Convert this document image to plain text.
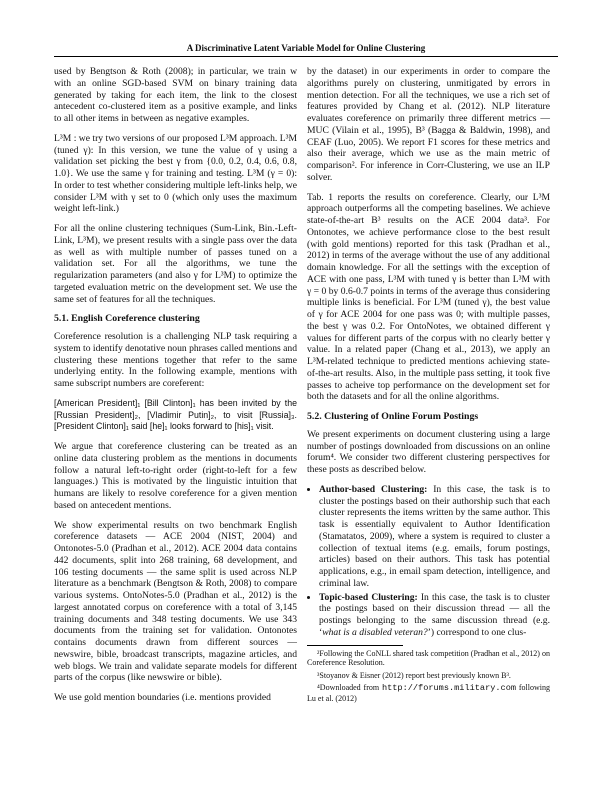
A Discriminative Latent Variable Model for Online Clustering

used by Bengtson & Roth (2008); in particular, we train w with an online SGD-based SVM on binary training data generated by taking for each item, the link to the closest antecedent co-clustered item as a positive example, and links to all other items in between as negative examples.

L³M : we try two versions of our proposed L³M approach. L³M (tuned γ): In this version, we tune the value of γ using a validation set picking the best γ from {0.0, 0.2, 0.4, 0.6, 0.8, 1.0}. We use the same γ for training and testing. L³M (γ = 0): In order to test whether considering multiple left-links help, we consider L³M with γ set to 0 (which only uses the maximum weight left-link.)

For all the online clustering techniques (Sum-Link, Bin.-Left-Link, L³M), we present results with a single pass over the data as well as with multiple number of passes tuned on a validation set. For all the algorithms, we tune the regularization parameters (and also γ for L³M) to optimize the targeted evaluation metric on the development set. We use the same set of features for all the techniques.

5.1. English Coreference clustering

Coreference resolution is a challenging NLP task requiring a system to identify denotative noun phrases called mentions and clustering these mentions together that refer to the same underlying entity. In the following example, mentions with same subscript numbers are coreferent:

[American President]₁ [Bill Clinton]₁ has been invited by the [Russian President]₂, [Vladimir Putin]₂, to visit [Russia]₃. [President Clinton]₁ said [he]₁ looks forward to [his]₁ visit.

We argue that coreference clustering can be treated as an online data clustering problem as the mentions in documents follow a natural left-to-right order (right-to-left for a few languages.) This is motivated by the linguistic intuition that humans are likely to resolve coreference for a given mention based on antecedent mentions.

We show experimental results on two benchmark English coreference datasets — ACE 2004 (NIST, 2004) and Ontonotes-5.0 (Pradhan et al., 2012). ACE 2004 data contains 442 documents, split into 268 training, 68 development, and 106 testing documents — the same split is used across NLP literature as a benchmark (Bengtson & Roth, 2008) to compare various systems. OntoNotes-5.0 (Pradhan et al., 2012) is the largest annotated corpus on coreference with a total of 3,145 training documents and 348 testing documents. We use 343 documents from the training set for validation. Ontonotes contains documents drawn from different sources — newswire, bible, broadcast transcripts, magazine articles, and web blogs. We train and validate separate models for different parts of the corpus (like newswire or bible).

We use gold mention boundaries (i.e. mentions provided

by the dataset) in our experiments in order to compare the algorithms purely on clustering, unmitigated by errors in mention detection. For all the techniques, we use a rich set of features provided by Chang et al. (2012). NLP literature evaluates coreference on primarily three different metrics — MUC (Vilain et al., 1995), B³ (Bagga & Baldwin, 1998), and CEAF (Luo, 2005). We report F1 scores for these metrics and also their average, which we use as the main metric of comparison². For inference in Corr-Clustering, we use an ILP solver.

Tab. 1 reports the results on coreference. Clearly, our L³M approach outperforms all the competing baselines. We achieve state-of-the-art B³ results on the ACE 2004 data³. For Ontonotes, we achieve performance close to the best result (with gold mentions) reported for this task (Pradhan et al., 2012) in terms of the average without the use of any additional domain knowledge. For all the settings with the exception of ACE with one pass, L³M with tuned γ is better than L³M with γ = 0 by 0.6-0.7 points in terms of the average thus considering multiple links is beneficial. For L³M (tuned γ), the best value of γ for ACE 2004 for one pass was 0; with multiple passes, the best γ was 0.2. For OntoNotes, we obtained different γ values for different parts of the corpus with no clearly better γ value. In a related paper (Chang et al., 2013), we apply an L³M-related technique to predicted mentions achieving state-of-the-art results. Also, in the multiple pass setting, it took five passes to acheive top performance on the development set for both the datasets and for all the online algorithms.

5.2. Clustering of Online Forum Postings

We present experiments on document clustering using a large number of postings downloaded from discussions on an online forum⁴. We consider two different clustering perspectives for these posts as described below.

• Author-based Clustering: In this case, the task is to cluster the postings based on their authorship such that each cluster represents the items written by the same author. This task is essentially equivalent to Author Identification (Stamatatos, 2009), where a system is required to cluster a collection of textual items (e.g. emails, forum postings, articles) based on their authors. This task has potential applications, e.g., in email spam detection, intelligence, and criminal law.
• Topic-based Clustering: In this case, the task is to cluster the postings based on their discussion thread — all the postings belonging to the same discussion thread (e.g. ‘what is a disabled veteran?’) correspond to one clus-

²Following the CoNLL shared task competition (Pradhan et al., 2012) on Coreference Resolution.

³Stoyanov & Eisner (2012) report best previously known B³.

⁴Downloaded from http://forums.military.com following Lu et al. (2012)
